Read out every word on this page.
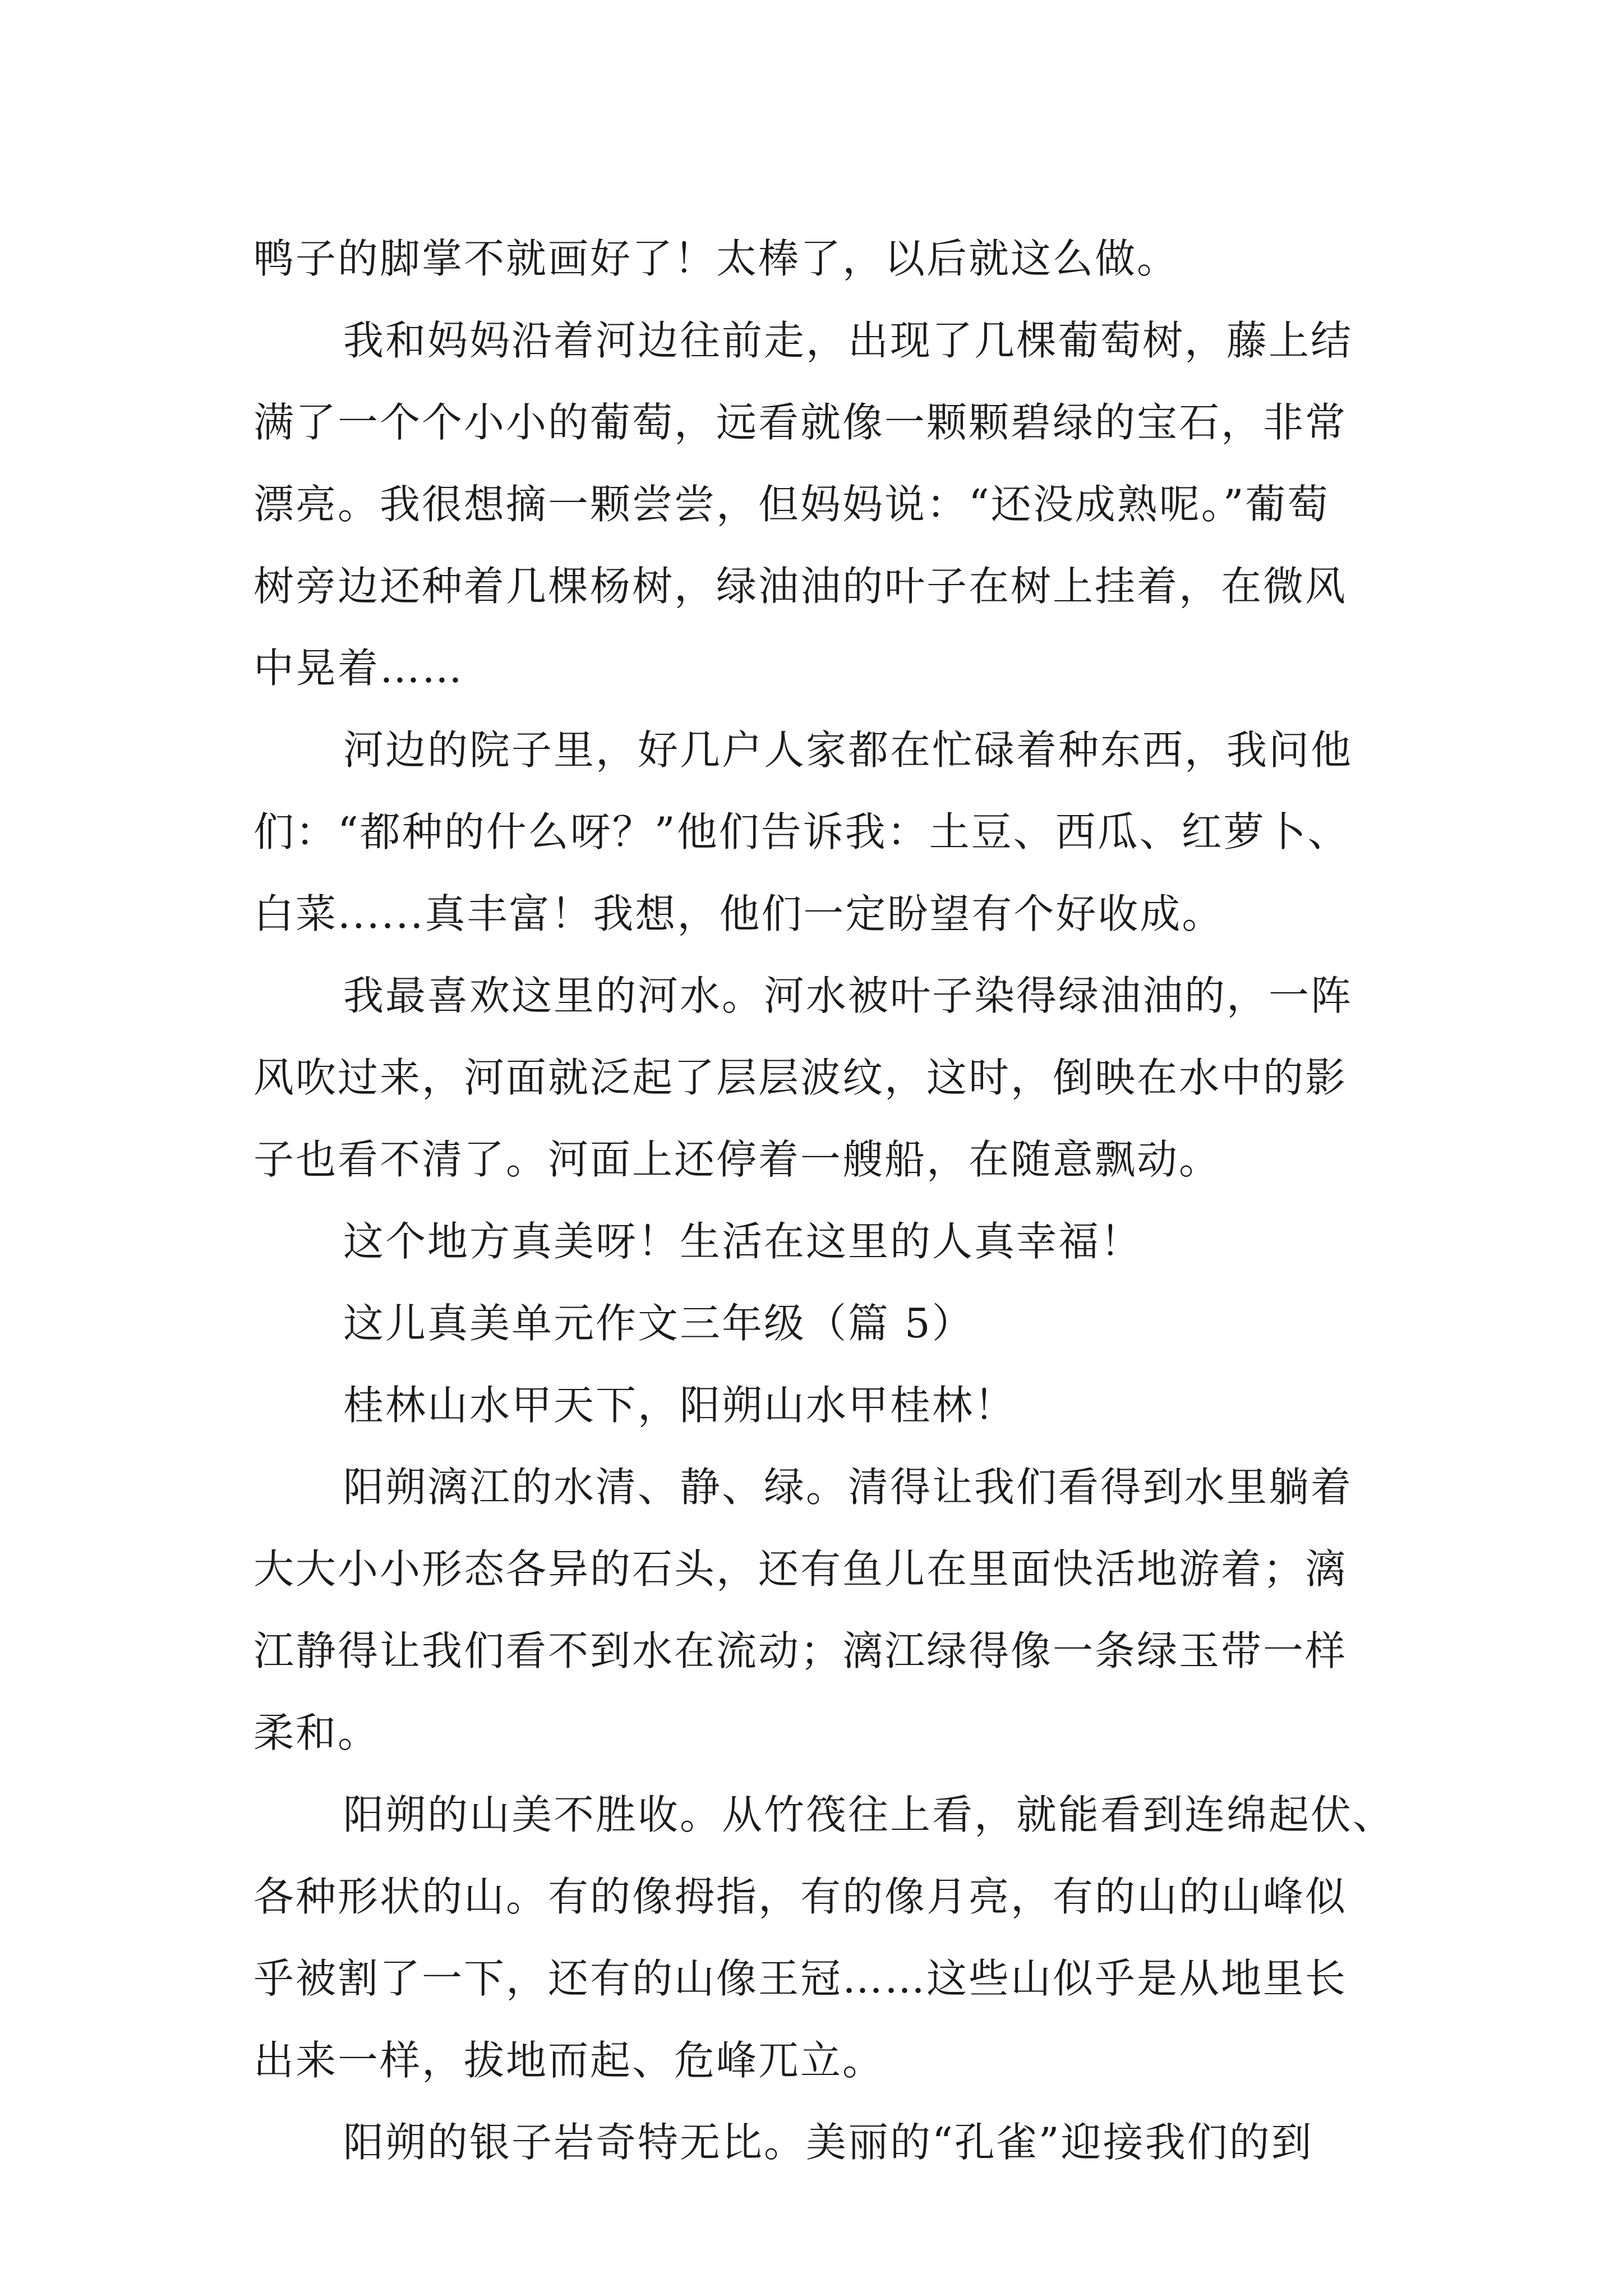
鸭子的脚掌不就画好了！太棒了，以后就这么做。

我和妈妈沿着河边往前走，出现了几棵葡萄树，藤上结

满了一个个小小的葡萄，远看就像一颗颗碧绿的宝石，非常

漂亮。我很想摘一颗尝尝，但妈妈说：“还没成熟呢。”葡萄

树旁边还种着几棵杨树，绿油油的叶子在树上挂着，在微风

中晃着……

河边的院子里，好几户人家都在忙碌着种东西，我问他

们：“都种的什么呀？”他们告诉我：土豆、西瓜、红萝卜、

白菜......真丰富！我想，他们一定盼望有个好收成。

我最喜欢这里的河水。河水被叶子染得绿油油的，一阵

风吹过来，河面就泛起了层层波纹，这时，倒映在水中的影

子也看不清了。河面上还停着一艘船，在随意飘动。

这个地方真美呀！生活在这里的人真幸福！

这儿真美单元作文三年级（篇 5）

桂林山水甲天下，阳朔山水甲桂林！

阳朔漓江的水清、静、绿。清得让我们看得到水里躺着

大大小小形态各异的石头，还有鱼儿在里面快活地游着；漓

江静得让我们看不到水在流动；漓江绿得像一条绿玉带一样

柔和。

阳朔的山美不胜收。从竹筏往上看，就能看到连绵起伏、

各种形状的山。有的像拇指，有的像月亮，有的山的山峰似

乎被割了一下，还有的山像王冠……这些山似乎是从地里长

出来一样，拔地而起、危峰兀立。

阳朔的银子岩奇特无比。美丽的“孔雀”迎接我们的到
